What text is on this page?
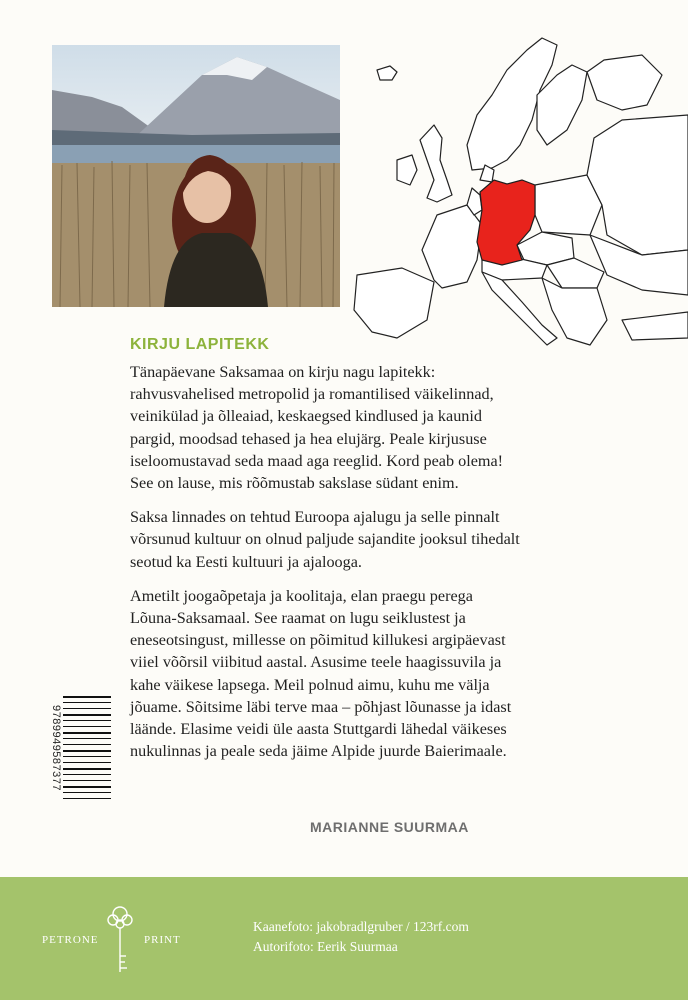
KIRJU LAPITEKK

Tänapäevane Saksamaa on kirju nagu lapitekk: rahvusvahelised metropolid ja romantilised väikelinnad, veinikülad ja õlleaiad, keskaegsed kindlused ja kaunid pargid, moodsad tehased ja hea elujärg. Peale kirjususe iseloomustavad seda maad aga reeglid. Kord peab olema! See on lause, mis rõõmustab sakslase südant enim.

Saksa linnades on tehtud Euroopa ajalugu ja selle pinnalt võrsunud kultuur on olnud paljude sajandite jooksul tihedalt seotud ka Eesti kultuuri ja ajalooga.

Ametilt joogaõpetaja ja koolitaja, elan praegu perega Lõuna-Saksamaal. See raamat on lugu seiklustest ja eneseotsingust, millesse on põimitud killukesi argipäevast viiel võõrsil viibitud aastal. Asusime teele haagissuvila ja kahe väikese lapsega. Meil polnud aimu, kuhu me välja jõuame. Sõitsime läbi terve maa – põhjast lõunasse ja idast läände. Elasime veidi üle aasta Stuttgardi lähedal väikeses nukulinnas ja peale seda jäime Alpide juurde Baierimaale.

MARIANNE SUURMAA
9789949587377
PETRONE	PRINT
Kaanefoto: jakobradlgruber / 123rf.com
Autorifoto: Eerik Suurmaa
